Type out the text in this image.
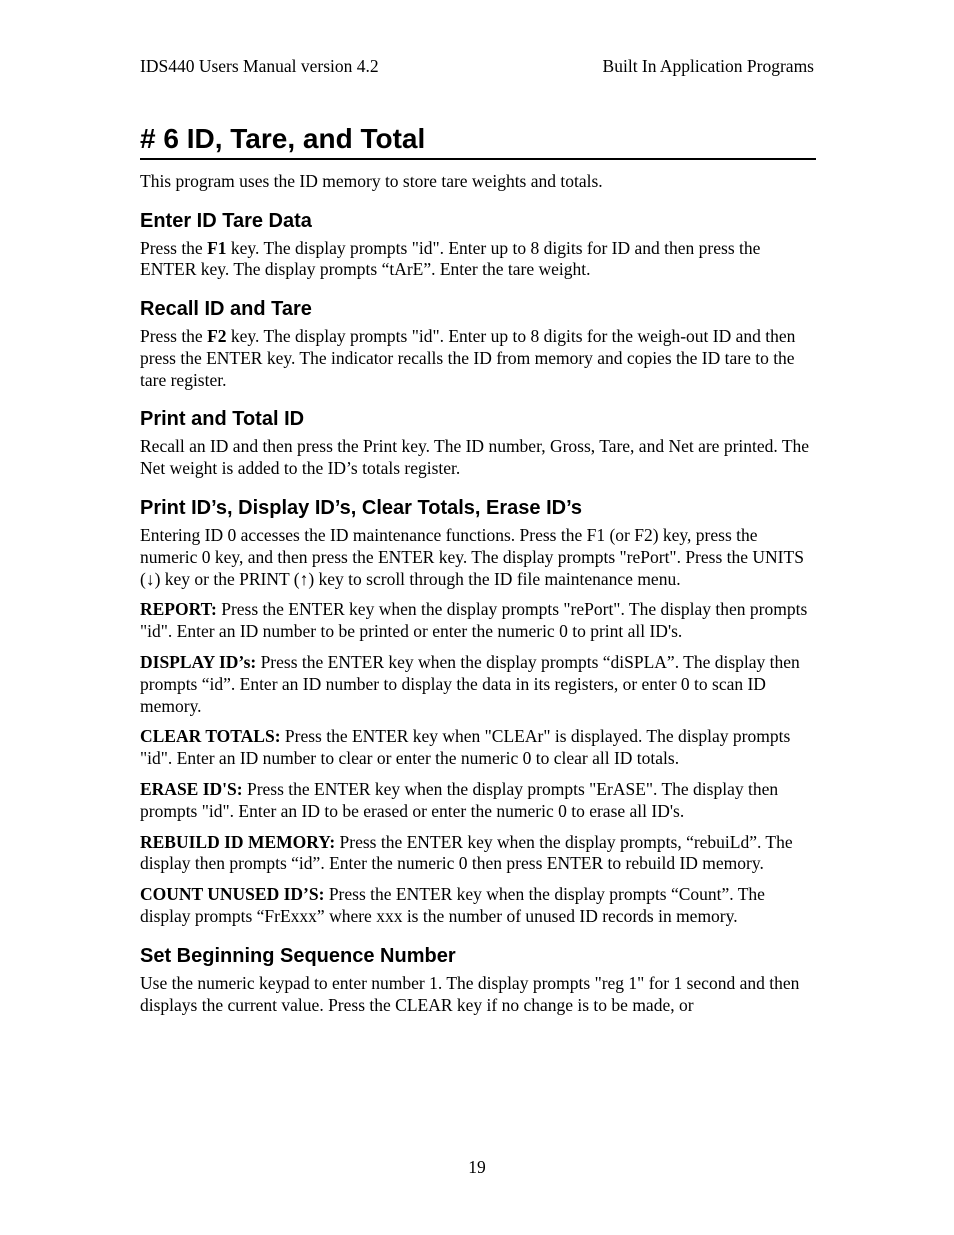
IDS440 Users Manual version 4.2	Built In Application Programs
# 6 ID, Tare, and Total

This program uses the ID memory to store tare weights and totals.

Enter ID Tare Data

Press the F1 key. The display prompts "id". Enter up to 8 digits for ID and then press the ENTER key. The display prompts “tArE”. Enter the tare weight.

Recall ID and Tare

Press the F2 key. The display prompts "id". Enter up to 8 digits for the weigh-out ID and then press the ENTER key. The indicator recalls the ID from memory and copies the ID tare to the tare register.

Print and Total ID

Recall an ID and then press the Print key. The ID number, Gross, Tare, and Net are printed. The Net weight is added to the ID’s totals register.

Print ID’s, Display ID’s, Clear Totals, Erase ID’s

Entering ID 0 accesses the ID maintenance functions. Press the F1 (or F2) key, press the numeric 0 key, and then press the ENTER key. The display prompts "rePort". Press the UNITS (↓) key or the PRINT (↑) key to scroll through the ID file maintenance menu.

REPORT: Press the ENTER key when the display prompts "rePort". The display then prompts "id". Enter an ID number to be printed or enter the numeric 0 to print all ID's.

DISPLAY ID’s: Press the ENTER key when the display prompts “diSPLA”. The display then prompts “id”. Enter an ID number to display the data in its registers, or enter 0 to scan ID memory.

CLEAR TOTALS: Press the ENTER key when "CLEAr" is displayed. The display prompts "id". Enter an ID number to clear or enter the numeric 0 to clear all ID totals.

ERASE ID'S: Press the ENTER key when the display prompts "ErASE". The display then prompts "id". Enter an ID to be erased or enter the numeric 0 to erase all ID's.

REBUILD ID MEMORY: Press the ENTER key when the display prompts, “rebuiLd”. The display then prompts “id”. Enter the numeric 0 then press ENTER to rebuild ID memory.

COUNT UNUSED ID’S: Press the ENTER key when the display prompts “Count”. The display prompts “FrExxx” where xxx is the number of unused ID records in memory.

Set Beginning Sequence Number

Use the numeric keypad to enter number 1. The display prompts "reg 1" for 1 second and then displays the current value. Press the CLEAR key if no change is to be made, or

19
